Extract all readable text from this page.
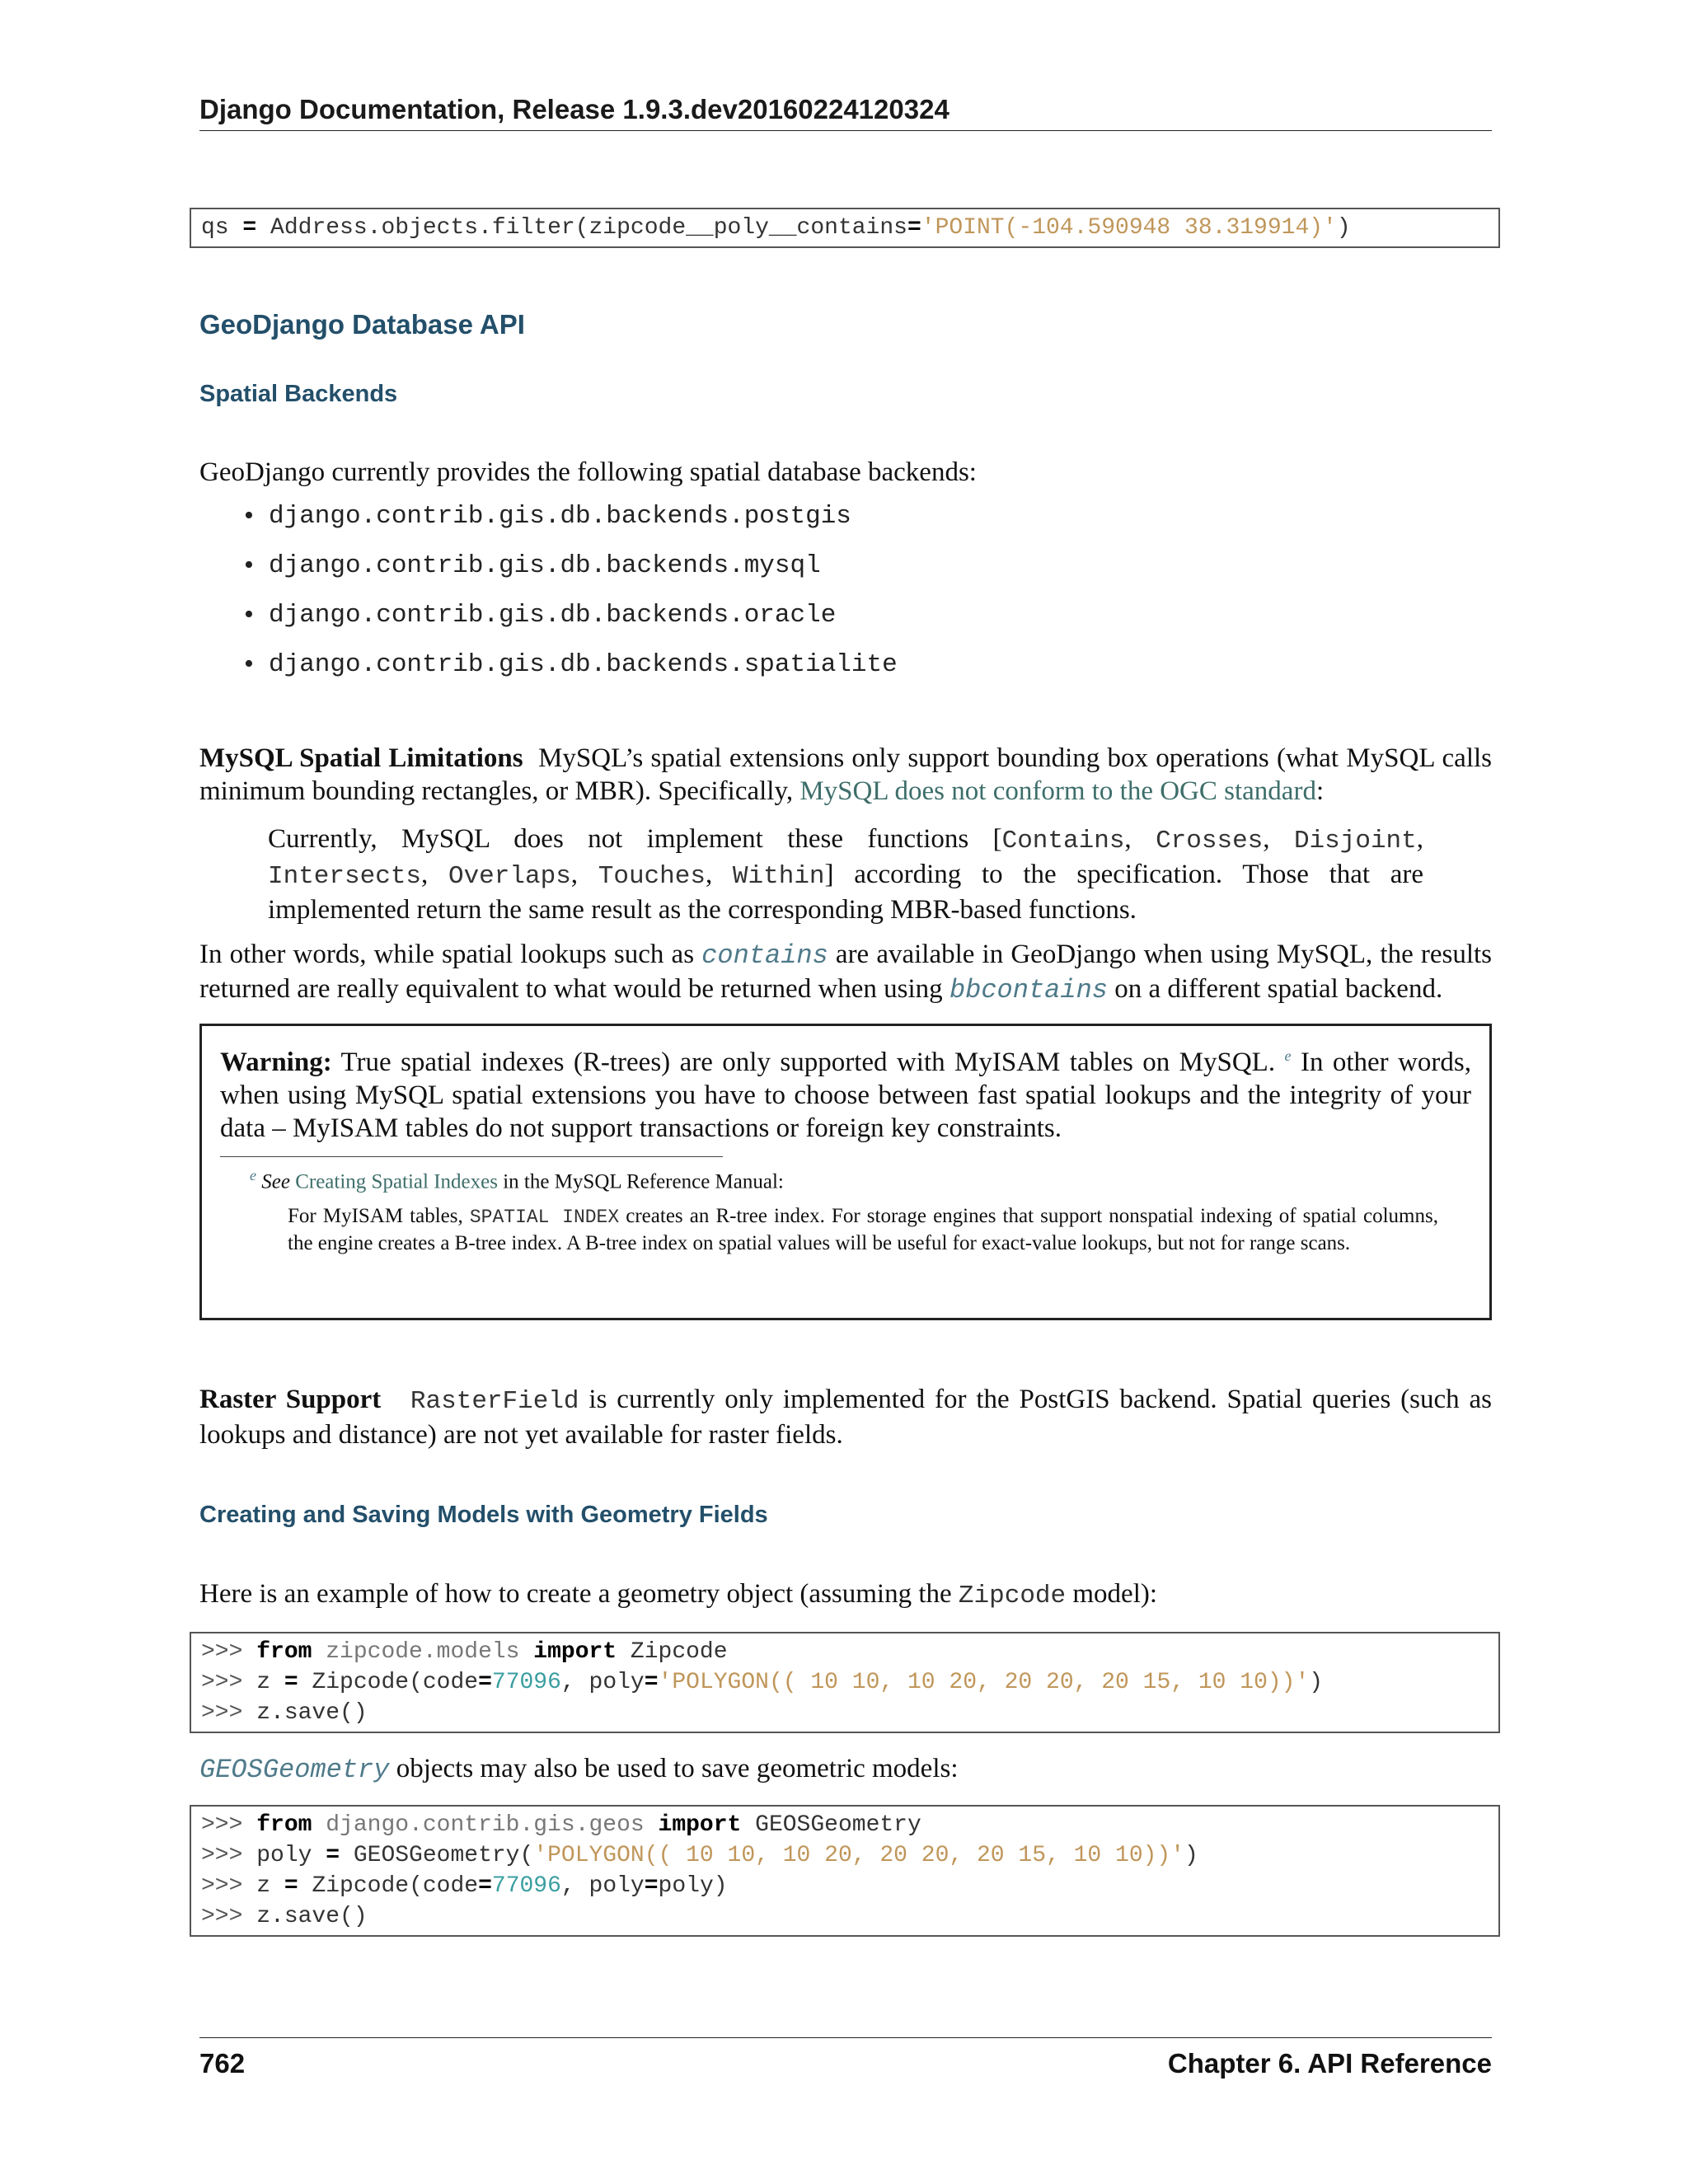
Django Documentation, Release 1.9.3.dev20160224120324
qs = Address.objects.filter(zipcode__poly__contains='POINT(-104.590948 38.319914)')
GeoDjango Database API
Spatial Backends
GeoDjango currently provides the following spatial database backends:
• django.contrib.gis.db.backends.postgis
• django.contrib.gis.db.backends.mysql
• django.contrib.gis.db.backends.oracle
• django.contrib.gis.db.backends.spatialite
MySQL Spatial Limitations MySQL’s spatial extensions only support bounding box operations (what MySQL calls minimum bounding rectangles, or MBR). Specifically, MySQL does not conform to the OGC standard:
Currently, MySQL does not implement these functions [Contains, Crosses, Disjoint, Intersects, Overlaps, Touches, Within] according to the specification. Those that are implemented return the same result as the corresponding MBR-based functions.
In other words, while spatial lookups such as contains are available in GeoDjango when using MySQL, the results returned are really equivalent to what would be returned when using bbcontains on a different spatial backend.
Warning: True spatial indexes (R-trees) are only supported with MyISAM tables on MySQL. $^e$ In other words, when using MySQL spatial extensions you have to choose between fast spatial lookups and the integrity of your data – MyISAM tables do not support transactions or foreign key constraints.
$^e$ See Creating Spatial Indexes in the MySQL Reference Manual:
For MyISAM tables, SPATIAL INDEX creates an R-tree index. For storage engines that support nonspatial indexing of spatial columns, the engine creates a B-tree index. A B-tree index on spatial values will be useful for exact-value lookups, but not for range scans.
Raster Support RasterField is currently only implemented for the PostGIS backend. Spatial queries (such as lookups and distance) are not yet available for raster fields.
Creating and Saving Models with Geometry Fields
Here is an example of how to create a geometry object (assuming the Zipcode model):
>>> from zipcode.models import Zipcode
>>> z = Zipcode(code=77096, poly='POLYGON(( 10 10, 10 20, 20 20, 20 15, 10 10))')
>>> z.save()
GEOSGeometry objects may also be used to save geometric models:
>>> from django.contrib.gis.geos import GEOSGeometry
>>> poly = GEOSGeometry('POLYGON(( 10 10, 10 20, 20 20, 20 15, 10 10))')
>>> z = Zipcode(code=77096, poly=poly)
>>> z.save()
762	Chapter 6. API Reference
